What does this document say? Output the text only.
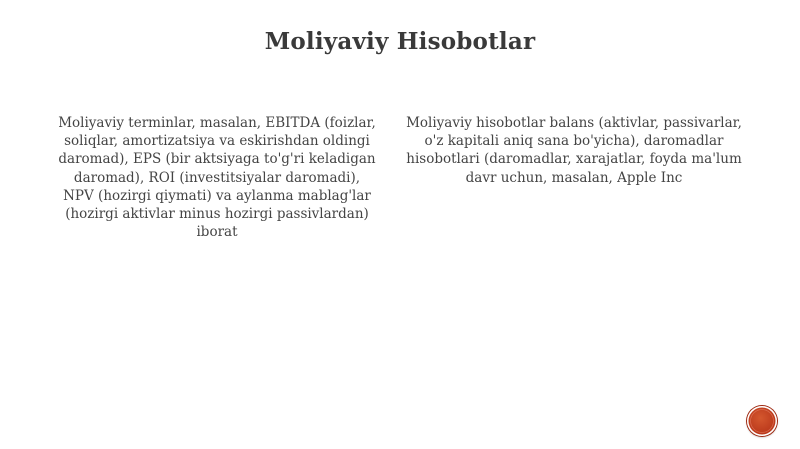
Moliyaviy Hisobotlar
Moliyaviy terminlar, masalan, EBITDA (foizlar, soliqlar, amortizatsiya va eskirishdan oldingi daromad), EPS (bir aktsiyaga to'g'ri keladigan daromad), ROI (investitsiyalar daromadi), NPV (hozirgi qiymati) va aylanma mablag'lar (hozirgi aktivlar minus hozirgi passivlardan) iborat
Moliyaviy hisobotlar balans (aktivlar, passivarlar, o'z kapitali aniq sana bo'yicha), daromadlar hisobotlari (daromadlar, xarajatlar, foyda ma'lum davr uchun, masalan, Apple Inc
